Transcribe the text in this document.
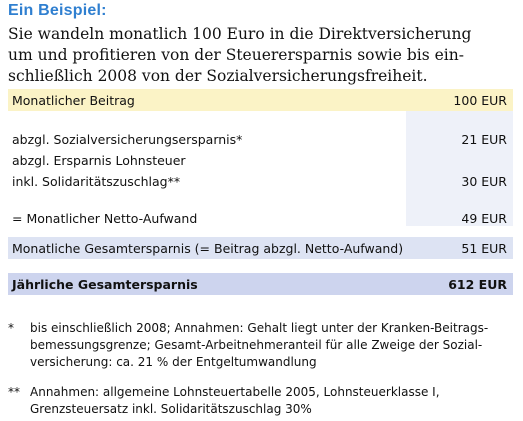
Ein Beispiel:
Sie wandeln monatlich 100 Euro in die Direktversicherung
um und profitieren von der Steuerersparnis sowie bis ein-
schließlich 2008 von der Sozialversicherungsfreiheit.
Monatlicher Beitrag	100 EUR
abzgl. Sozialversicherungsersparnis*	21 EUR
abzgl. Ersparnis Lohnsteuer
inkl. Solidaritätszuschlag**	30 EUR
= Monatlicher Netto-Aufwand	49 EUR
Monatliche Gesamtersparnis (= Beitrag abzgl. Netto-Aufwand)	51 EUR
Jährliche Gesamtersparnis	612 EUR
* bis einschließlich 2008; Annahmen: Gehalt liegt unter der Kranken-Beitrags-
bemessungsgrenze; Gesamt-Arbeitnehmeranteil für alle Zweige der Sozial-
versicherung: ca. 21 % der Entgeltumwandlung
** Annahmen: allgemeine Lohnsteuertabelle 2005, Lohnsteuerklasse I,
Grenzsteuersatz inkl. Solidaritätszuschlag 30%
